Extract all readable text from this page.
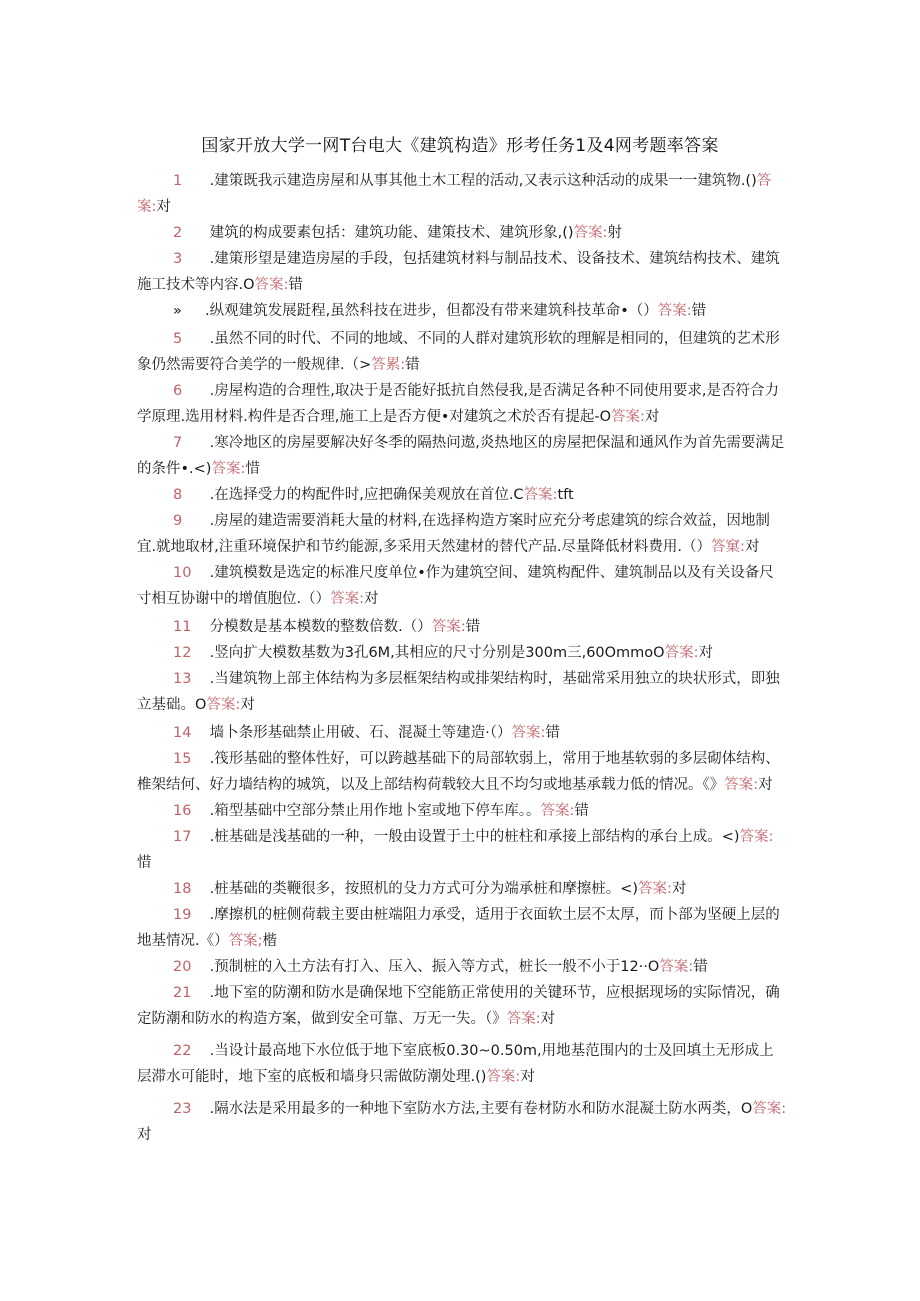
国家开放大学一网T台电大《建筑构造》形考任务1及4网考题率答案
1 .建策既我示建造房屋和从事其他土木工程的活动,又表示这种活动的成果一一建筑物.()答案:对
2 建筑的构成要素包括：建筑功能、建策技术、建筑形象,()答案:射
3 .建策形望是建造房屋的手段，包括建筑材料与制品技术、设备技术、建筑结构技术、建筑施工技术等内容.O答案:错
» .纵观建筑发展跹程,虽然科技在进步，但都没有带来建筑科技革命•（）答案:错
5 .虽然不同的时代、不同的地域、不同的人群对建筑形软的理解是相同的，但建筑的艺术形象仍然需要符合美学的一般规律.（>答累:错
6 .房屋构造的合理性,取决于是否能好抵抗自然侵我,是否满足各种不同使用要求,是否符合力学原理.选用材料.构件是否合理,施工上是否方便•对建筑之术於否有提起-O答案:对
7 .寒冷地区的房屋要解决好冬季的隔热问遨,炎热地区的房屋把保温和通风作为首先需要满足的条件•.<)答案:惜
8 .在选择受力的构配件时,应把确保美观放在首位.C答案:tft
9 .房屋的建造需要消耗大量的材料,在选择构造方案时应充分考虑建筑的综合效益，因地制宜.就地取材,注重环境保护和节约能源,多采用天然建材的替代产品.尽量降低材料费用.（）答窠:对
10 .建筑模数是选定的标准尺度单位•作为建筑空间、建筑构配件、建筑制品以及有关设备尺寸相互协谢中的增值胞位.（）答案:对
11 分模数是基本模数的整数倍数.（）答案:错
12 .竖向扩大模数基数为3孔6M,其相应的尺寸分别是300m三,60OmmoO答案:对
13 .当建筑物上部主体结构为多层框架结构或排架结构时，基础常采用独立的块状形式，即独立基础。O答案:对
14 墙卜条形基础禁止用破、石、混凝土等建造·（）答案:错
15 .筏形基础的整体性好，可以跨越基础下的局部软弱上，常用于地基软弱的多层砌体结构、椎架结何、好力墙结构的城筑，以及上部结构荷载较大且不均匀或地基承载力低的情况。《》答案:对
16 .箱型基础中空部分禁止用作地卜室或地下停车库。。答案:错
17 .桩基础是浅基础的一种，一般由设置于土中的桩柱和承接上部结构的承台上成。<)答案:惜
18 .桩基础的类鞭很多，按照机的殳力方式可分为端承桩和摩擦桩。<)答案:对
19 .摩擦机的桩侧荷载主要由桩端阻力承受，适用于衣面软土层不太厚，而卜部为坚硬上层的地基情况.《）答案;楷
20 .预制桩的入土方法有打入、压入、振入等方式，桩长一般不小于12··O答案:错
21 .地下室的防潮和防水是确保地下空能筋正常使用的关键环节，应根据现场的实际情况，确定防潮和防水的构造方案，做到安全可靠、万无一失。（》答案:对
22 .当设计最高地下水位低于地下室底板0.30~0.50m,用地基范围内的士及回填土无形成上层滞水可能时，地下室的底板和墙身只需做防潮处理.()答案:对
23 .隔水法是采用最多的一种地下室防水方法,主要有卷材防水和防水混凝土防水两类，O答案:对
